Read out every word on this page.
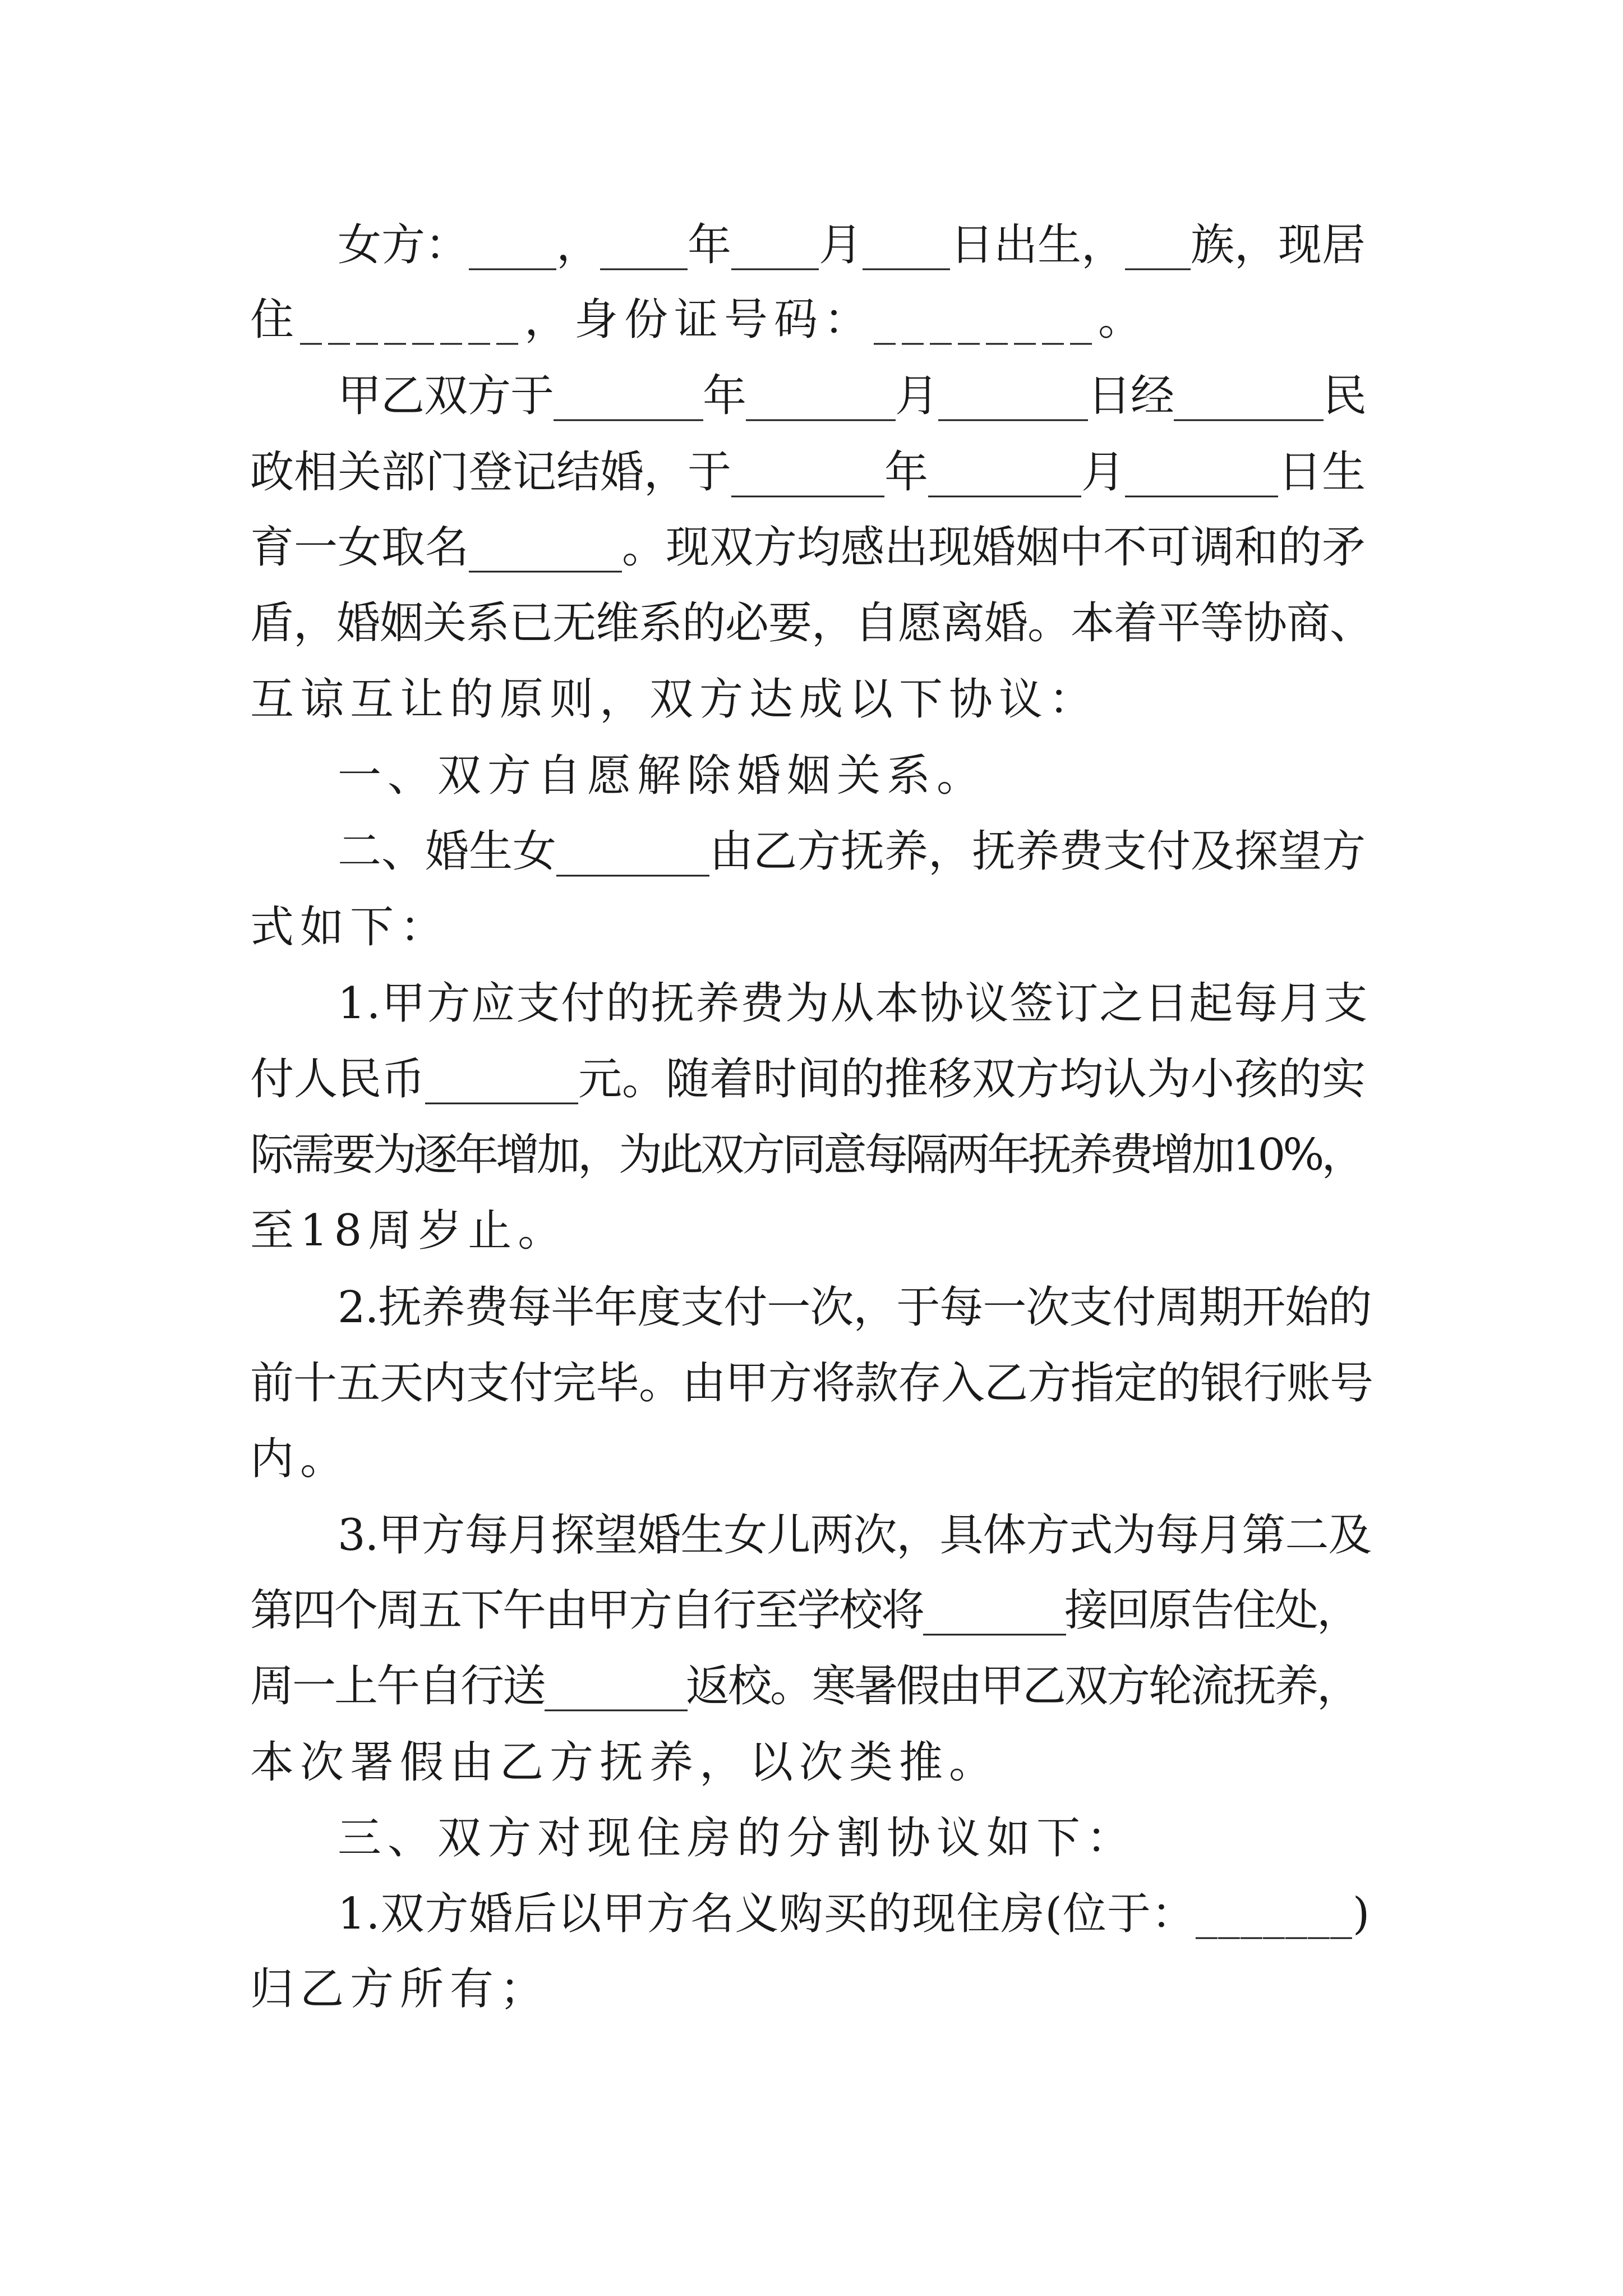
女方：____，____年____月____日出生，___族，现居
住________，身份证号码：________。
甲乙双方于_______年_______月_______日经_______民
政相关部门登记结婚，于_______年_______月_______日生
育一女取名_______。现双方均感出现婚姻中不可调和的矛
盾，婚姻关系已无维系的必要，自愿离婚。本着平等协商、
互谅互让的原则，双方达成以下协议：
一、双方自愿解除婚姻关系。
二、婚生女_______由乙方抚养，抚养费支付及探望方
式如下：
1.甲方应支付的抚养费为从本协议签订之日起每月支
付人民币_______元。随着时间的推移双方均认为小孩的实
际需要为逐年增加，为此双方同意每隔两年抚养费增加10%，
至18周岁止。
2.抚养费每半年度支付一次，于每一次支付周期开始的
前十五天内支付完毕。由甲方将款存入乙方指定的银行账号
内。
3.甲方每月探望婚生女儿两次，具体方式为每月第二及
第四个周五下午由甲方自行至学校将_______接回原告住处，
周一上午自行送_______返校。寒暑假由甲乙双方轮流抚养，
本次署假由乙方抚养，以次类推。
三、双方对现住房的分割协议如下：
1.双方婚后以甲方名义购买的现住房(位于：_______)
归乙方所有；
